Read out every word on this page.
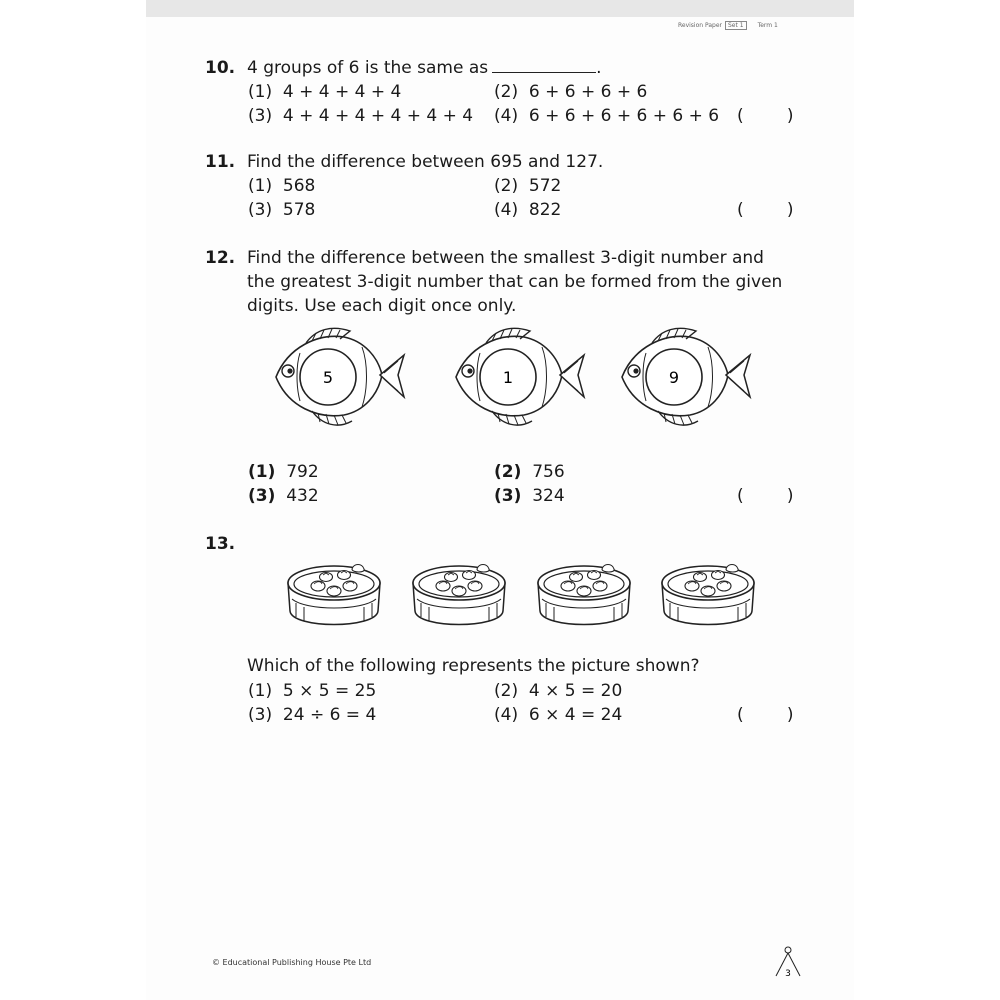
Revision Paper Set 1 Term 1
10. 4 groups of 6 is the same as	.
(1) 4 + 4 + 4 + 4	(2) 6 + 6 + 6 + 6
(3) 4 + 4 + 4 + 4 + 4 + 4 (4) 6 + 6 + 6 + 6 + 6 + 6 (        )
11. Find the difference between 695 and 127.
(1) 568	(2) 572
(3) 578	(4) 822	(        )
12. Find the difference between the smallest 3-digit number and
the greatest 3-digit number that can be formed from the given
digits. Use each digit once only.
5	1	9
(1) 792	(2) 756
(3) 432	(3) 324	(        )
13.
Which of the following represents the picture shown?
(1) 5 × 5 = 25	(2) 4 × 5 = 20
(3) 24 ÷ 6 = 4	(4) 6 × 4 = 24	(        )
© Educational Publishing House Pte Ltd
3
